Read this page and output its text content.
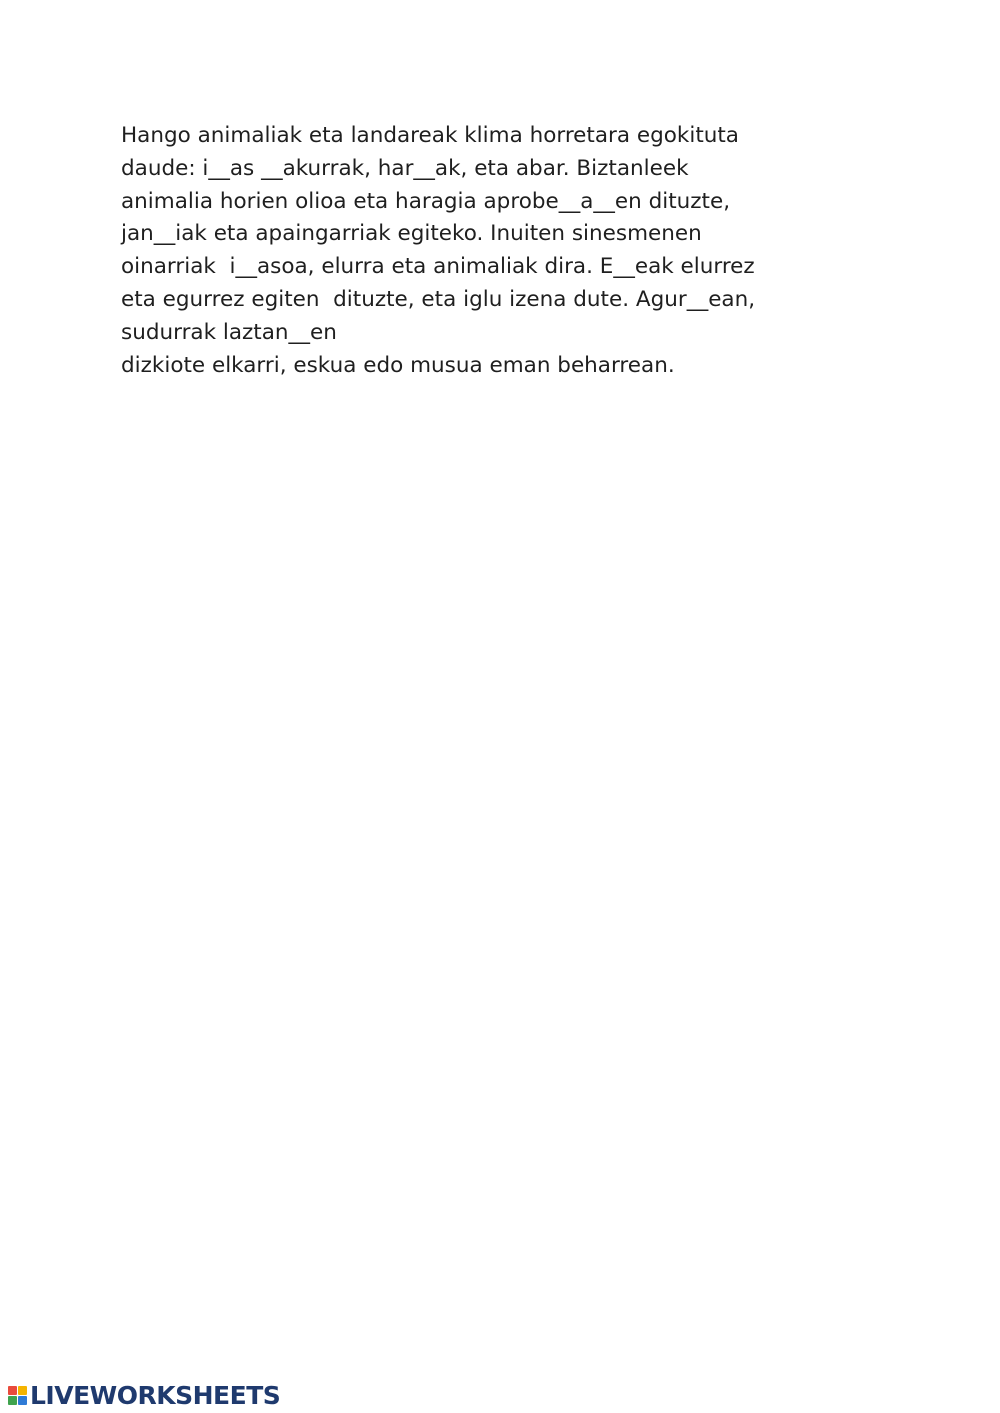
Hango animaliak eta landareak klima horretara egokituta
daude: i__as __akurrak, har__ak, eta abar. Biztanleek
animalia horien olioa eta haragia aprobe__a__en dituzte,
jan__iak eta apaingarriak egiteko. Inuiten sinesmenen
oinarriak  i__asoa, elurra eta animaliak dira. E__eak elurrez
eta egurrez egiten  dituzte, eta iglu izena dute. Agur__ean,
sudurrak laztan__en
dizkiote elkarri, eskua edo musua eman beharrean.
LIVEWORKSHEETS
